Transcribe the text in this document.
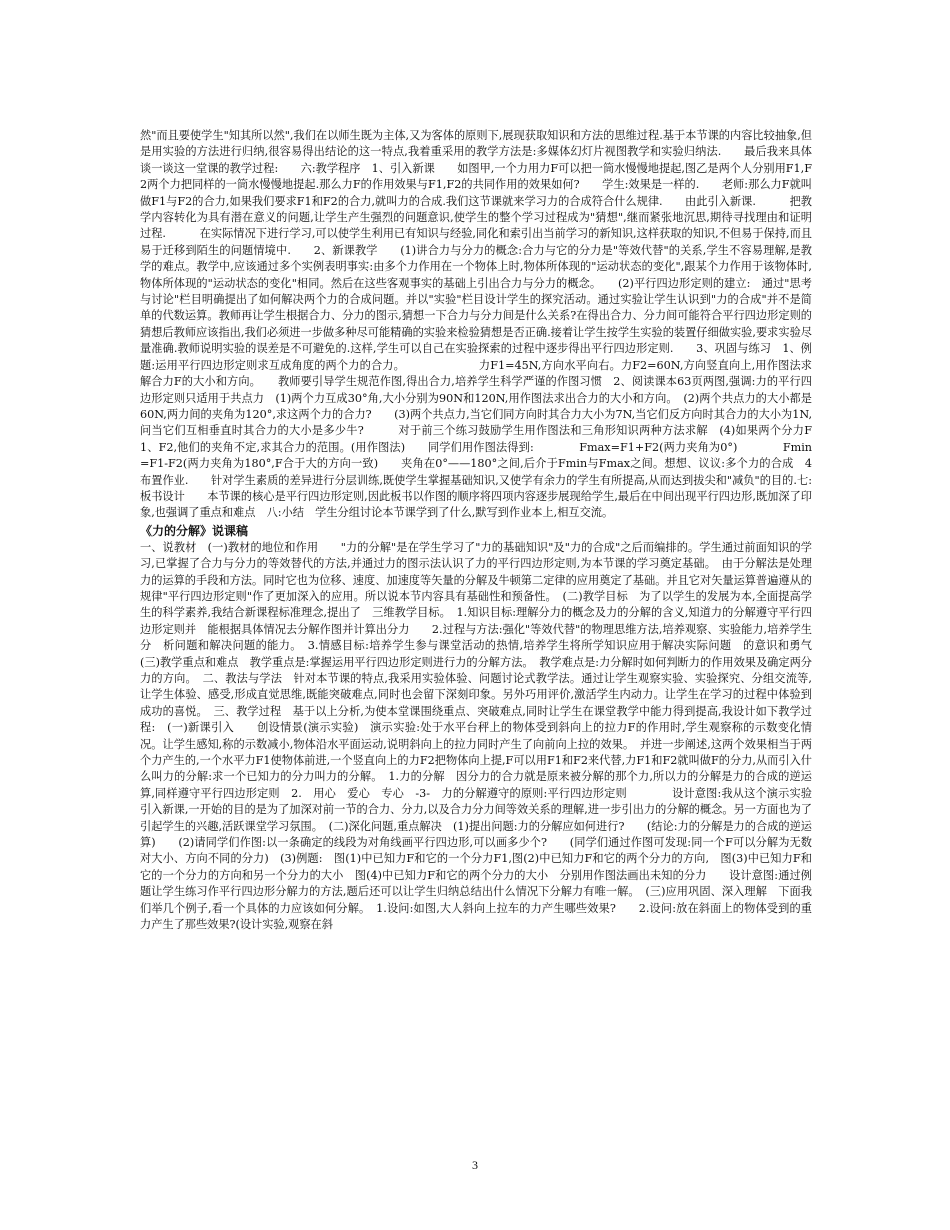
然"而且要使学生"知其所以然",我们在以师生既为主体,又为客体的原则下,展现获取知识和方法的思维过程.基于本节课的内容比较抽象,但是用实验的方法进行归纳,很容易得出结论的这一特点,我着重采用的教学方法是:多媒体幻灯片视图教学和实验归纳法.　　最后我来具体谈一谈这一堂课的教学过程:　　六:教学程序　1、引入新课　　如图甲,一个力用力F可以把一筒水慢慢地提起,图乙是两个人分别用F1,F2两个力把同样的一筒水慢慢地提起.那么力F的作用效果与F1,F2的共同作用的效果如何?　　学生:效果是一样的.　　老师:那么力F就叫做F1与F2的合力,如果我们要求F1和F2的合力,就叫力的合成.我们这节课就来学习力的合成符合什么规律.　　由此引入新课.　　　把教学内容转化为具有潜在意义的问题,让学生产生强烈的问题意识,使学生的整个学习过程成为"猜想",继而紧张地沉思,期待寻找理由和证明过程.　　　在实际情况下进行学习,可以使学生利用已有知识与经验,同化和索引出当前学习的新知识,这样获取的知识,不但易于保持,而且易于迁移到陌生的问题情境中.　　2、新课教学　　(1)讲合力与分力的概念:合力与它的分力是"等效代替"的关系,学生不容易理解,是教学的难点。教学中,应该通过多个实例表明事实:由多个力作用在一个物体上时,物体所体现的"运动状态的变化",跟某个力作用于该物体时,物体所体现的"运动状态的变化"相同。然后在这些客观事实的基础上引出合力与分力的概念。　　(2)平行四边形定则的建立:　通过"思考与讨论"栏目明确提出了如何解决两个力的合成问题。并以"实验"栏目设计学生的探究活动。通过实验让学生认识到"力的合成"并不是简单的代数运算。教师再让学生根据合力、分力的图示,猜想一下合力与分力间是什么关系?在得出合力、分力间可能符合平行四边形定则的猜想后教师应该指出,我们必须进一步做多种尽可能精确的实验来检验猜想是否正确.接着让学生按学生实验的装置仔细做实验,要求实验尽量准确.教师说明实验的误差是不可避免的.这样,学生可以自己在实验探索的过程中逐步得出平行四边形定则.　　3、巩固与练习　1、例题:运用平行四边形定则求互成角度的两个力的合力。　　　　　　　力F1=45N,方向水平向右。力F2=60N,方向竖直向上,用作图法求解合力F的大小和方向。　　教师要引导学生规范作图,得出合力,培养学生科学严谨的作图习惯　2、阅读课本63页两图,强调:力的平行四边形定则只适用于共点力　(1)两个力互成30°角,大小分别为90N和120N,用作图法求出合力的大小和方向。　(2)两个共点力的大小都是60N,两力间的夹角为120°,求这两个力的合力?　　(3)两个共点力,当它们同方向时其合力大小为7N,当它们反方向时其合力的大小为1N,问当它们互相垂直时其合力的大小是多少牛?　　　对于前三个练习鼓励学生用作图法和三角形知识两种方法求解　(4)如果两个分力F1、F2,他们的夹角不定,求其合力的范围。(用作图法)　　同学们用作图法得到:　　　　Fmax=F1+F2(两力夹角为0°)　　　　Fmin=F1-F2(两力夹角为180°,F合于大的方向一致)　　夹角在0°——180°之间,后介于Fmin与Fmax之间。想想、议议:多个力的合成　4布置作业.　　针对学生素质的差异进行分层训练,既使学生掌握基础知识,又使学有余力的学生有所提高,从而达到拔尖和"减负"的目的.七:板书设计　　本节课的核心是平行四边形定则,因此板书以作图的顺序将四项内容逐步展现给学生,最后在中间出现平行四边形,既加深了印象,也强调了重点和难点　八:小结　学生分组讨论本节课学到了什么,默写到作业本上,相互交流。

《力的分解》说课稿

一、说教材　(一)教材的地位和作用　　"力的分解"是在学生学习了"力的基础知识"及"力的合成"之后而编排的。学生通过前面知识的学习,已掌握了合力与分力的等效替代的方法,并通过力的图示法认识了力的平行四边形定则,为本节课的学习奠定基础。　由于分解法是处理力的运算的手段和方法。同时它也为位移、速度、加速度等矢量的分解及牛顿第二定律的应用奠定了基础。并且它对矢量运算普遍遵从的规律"平行四边形定则"作了更加深入的应用。所以说本节内容具有基础性和预备性。　(二)教学目标　为了以学生的发展为本,全面提高学生的科学素养,我结合新课程标准理念,提出了　三维教学目标。　1.知识目标:理解分力的概念及力的分解的含义,知道力的分解遵守平行四边形定则并　能根据具体情况去分解作图并计算出分力　　2.过程与方法:强化"等效代替"的物理思维方法,培养观察、实验能力,培养学生分　析问题和解决问题的能力。　3.情感目标:培养学生参与课堂活动的热情,培养学生将所学知识应用于解决实际问题　的意识和勇气　(三)教学重点和难点　教学重点是:掌握运用平行四边形定则进行力的分解方法。　教学难点是:力分解时如何判断力的作用效果及确定两分力的方向。　二、教法与学法　针对本节课的特点,我采用实验体验、问题讨论式教学法。通过让学生观察实验、实验探究、分组交流等,让学生体验、感受,形成直觉思维,既能突破难点,同时也会留下深刻印象。另外巧用评价,激活学生内动力。让学生在学习的过程中体验到成功的喜悦。　三、教学过程　基于以上分析,为使本堂课围绕重点、突破难点,同时让学生在课堂教学中能力得到提高,我设计如下教学过程:　(一)新课引入　　创设情景(演示实验)　演示实验:处于水平台秤上的物体受到斜向上的拉力F的作用时,学生观察称的示数变化情况。让学生感知,称的示数减小,物体沿水平面运动,说明斜向上的拉力同时产生了向前向上拉的效果。　并进一步阐述,这两个效果相当于两个力产生的,一个水平力F1使物体前进,一个竖直向上的力F2把物体向上提,F可以用F1和F2来代替,力F1和F2就叫做F的分力,从而引入什么叫力的分解:求一个已知力的分力叫力的分解。　1.力的分解　因分力的合力就是原来被分解的那个力,所以力的分解是力的合成的逆运算,同样遵守平行四边形定则　2.　用心　爱心　专心　-3-　力的分解遵守的原则:平行四边形定则　　　　设计意图:我从这个演示实验引入新课,一开始的目的是为了加深对前一节的合力、分力,以及合力分力间等效关系的理解,进一步引出力的分解的概念。另一方面也为了引起学生的兴趣,活跃课堂学习氛围。　(二)深化问题,重点解决　(1)提出问题:力的分解应如何进行?　　(结论:力的分解是力的合成的逆运算)　　(2)请同学们作图:以一条确定的线段为对角线画平行四边形,可以画多少个?　　(同学们通过作图可发现:同一个F可以分解为无数对大小、方向不同的分力)　(3)例题:　图(1)中已知力F和它的一个分力F1,图(2)中已知力F和它的两个分力的方向,　图(3)中已知力F和它的一个分力的方向和另一个分力的大小　图(4)中已知力F和它的两个分力的大小　分别用作图法画出未知的分力　　设计意图:通过例题让学生练习作平行四边形分解力的方法,题后还可以让学生归纳总结出什么情况下分解力有唯一解。　(三)应用巩固、深入理解　下面我们举几个例子,看一个具体的力应该如何分解。　1.设问:如图,大人斜向上拉车的力产生哪些效果?　　2.设问:放在斜面上的物体受到的重力产生了那些效果?(设计实验,观察在斜

3
